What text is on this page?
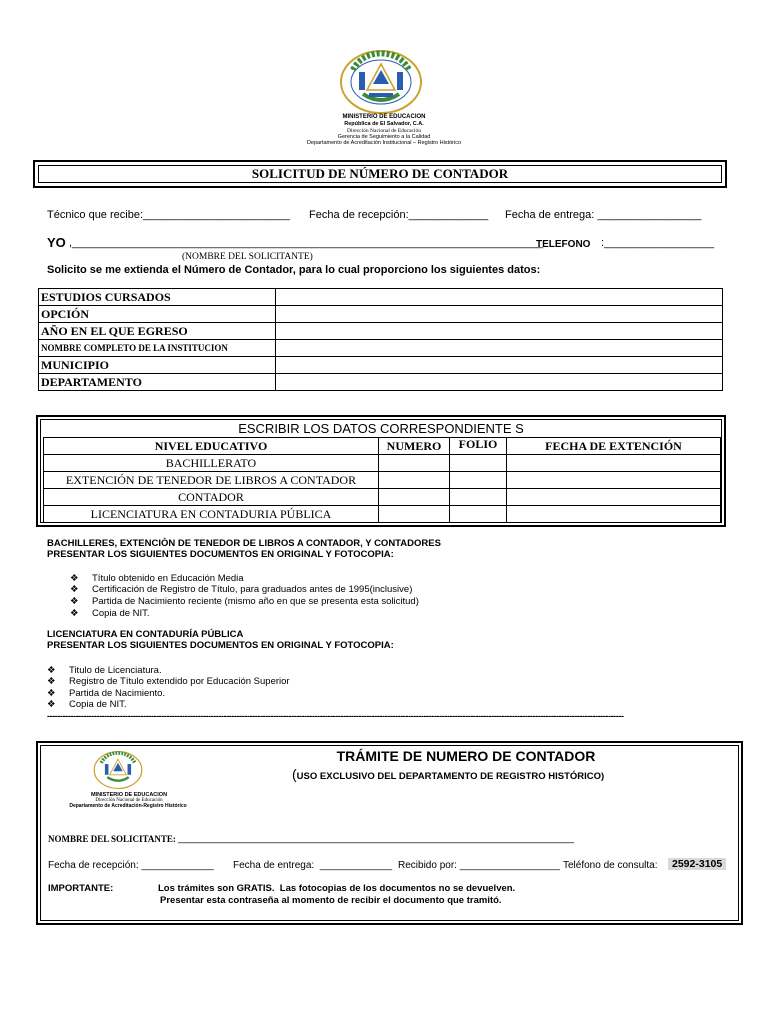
MINISTERIO DE EDUCACION
República de El Salvador, C.A.
Dirección Nacional de Educación
Gerencia de Seguimiento a la Calidad
Departamento de Acreditación Institucional – Registro Histórico
SOLICITUD DE NÚMERO DE CONTADOR
Técnico que recibe:________________________ Fecha de recepción:_____________ Fecha de entrega: _________________
YO ,_____________________________________________________________________________
TELEFONO :__________________
(NOMBRE DEL SOLICITANTE)
Solicito se me extienda el Número de Contador, para lo cual proporciono los siguientes datos:
ESTUDIOS CURSADOS	
OPCIÓN	
AÑO EN EL QUE EGRESO	
NOMBRE COMPLETO DE LA INSTITUCION	
MUNICIPIO	
DEPARTAMENTO	
ESCRIBIR LOS DATOS CORRESPONDIENTE S
NIVEL EDUCATIVO	NUMERO	FOLIO	FECHA DE EXTENCIÓN
BACHILLERATO			
EXTENCIÓN DE TENEDOR DE LIBROS A CONTADOR			
CONTADOR			
LICENCIATURA EN CONTADURIA PÚBLICA			
BACHILLERES, EXTENCIÒN DE TENEDOR DE LIBROS A CONTADOR, Y CONTADORES
PRESENTAR LOS SIGUIENTES DOCUMENTOS EN ORIGINAL Y FOTOCOPIA:
❖ Título obtenido en Educación Media
❖ Certificación de Registro de Título, para graduados antes de 1995(inclusive)
❖ Partida de Nacimiento reciente (mismo año en que se presenta esta solicitud)
❖ Copia de NIT.
LICENCIATURA EN CONTADURÍA PÚBLICA
PRESENTAR LOS SIGUIENTES DOCUMENTOS EN ORIGINAL Y FOTOCOPIA:
❖ Titulo de Licenciatura.
❖ Registro de Título extendido por Educación Superior
❖ Partida de Nacimiento.
❖ Copia de NIT.
------------------------------------------------------------------------------------------------------------------------------------------------------------------------------------------------------------------------------
MINISTERIO DE EDUCACION
Dirección Nacional de Educación
Departamento de Acreditación-Registro Histórico
TRÁMITE DE NUMERO DE CONTADOR
(USO EXCLUSIVO DEL DEPARTAMENTO DE REGISTRO HISTÓRICO)
NOMBRE DEL SOLICITANTE: ________________________________________________________________________________________
Fecha de recepción: _____________ Fecha de entrega:  _____________ Recibido por: __________________ Teléfono de consulta:	2592-3105
IMPORTANTE:	Los trámites son GRATIS.  Las fotocopias de los documentos no se devuelven.
Presentar esta contraseña al momento de recibir el documento que tramitó.
